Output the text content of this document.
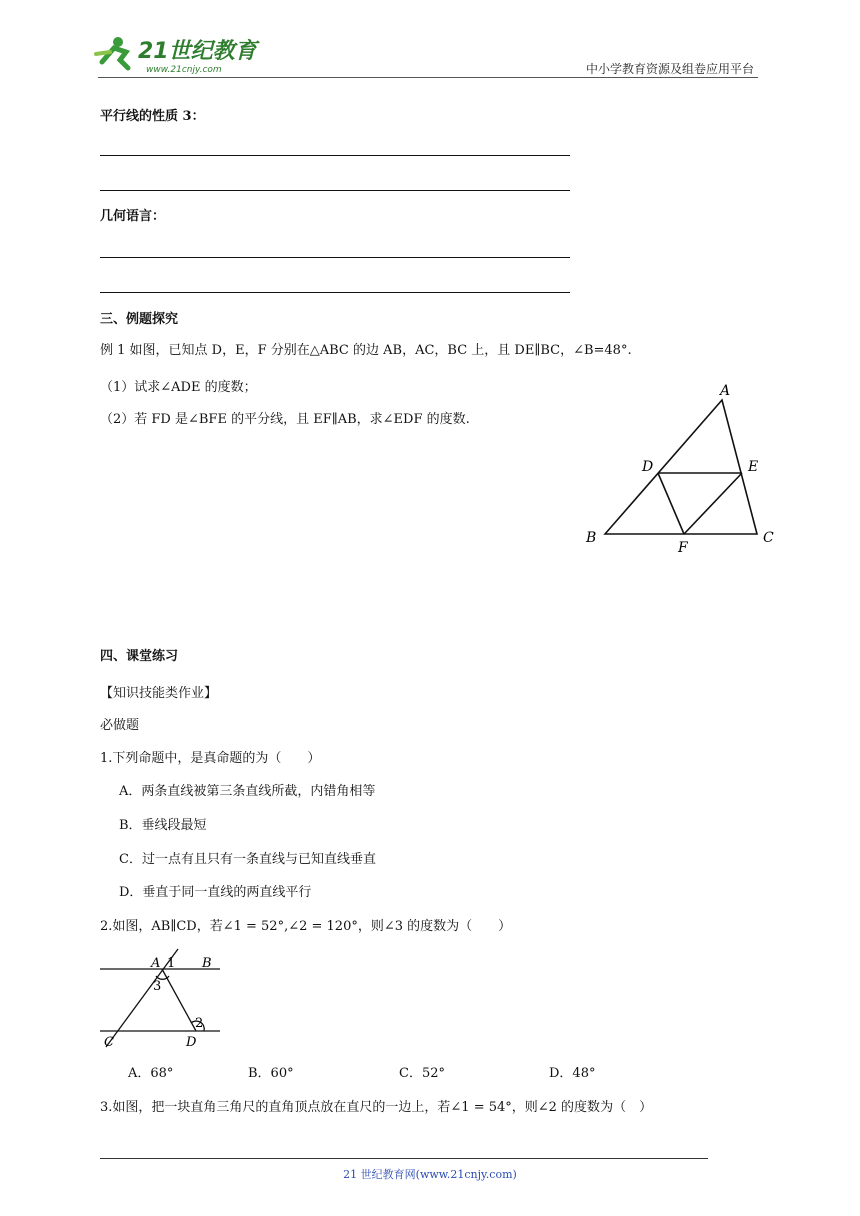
21世纪教育
www.21cnjy.com	中小学教育资源及组卷应用平台
平行线的性质 3：
几何语言：
三、例题探究
例 1 如图，已知点 D，E，F 分别在△ABC 的边 AB，AC，BC 上，且 DE∥BC，∠B=48°.
（1）试求∠ADE 的度数；
（2）若 FD 是∠BFE 的平分线，且 EF∥AB，求∠EDF 的度数.
A
D	E
B
F
C
四、课堂练习
【知识技能类作业】
必做题
1.下列命题中，是真命题的为（　　）
A．两条直线被第三条直线所截，内错角相等
B．垂线段最短
C．过一点有且只有一条直线与已知直线垂直
D．垂直于同一直线的两直线平行
2.如图，AB∥CD，若∠1 = 52°,∠2 = 120°，则∠3 的度数为（　　）
A 1 B
3
2
C	D
A．68°	B．60°	C．52°	D．48°
3.如图，把一块直角三角尺的直角顶点放在直尺的一边上，若∠1 = 54°，则∠2 的度数为（　）
21 世纪教育网(www.21cnjy.com)
